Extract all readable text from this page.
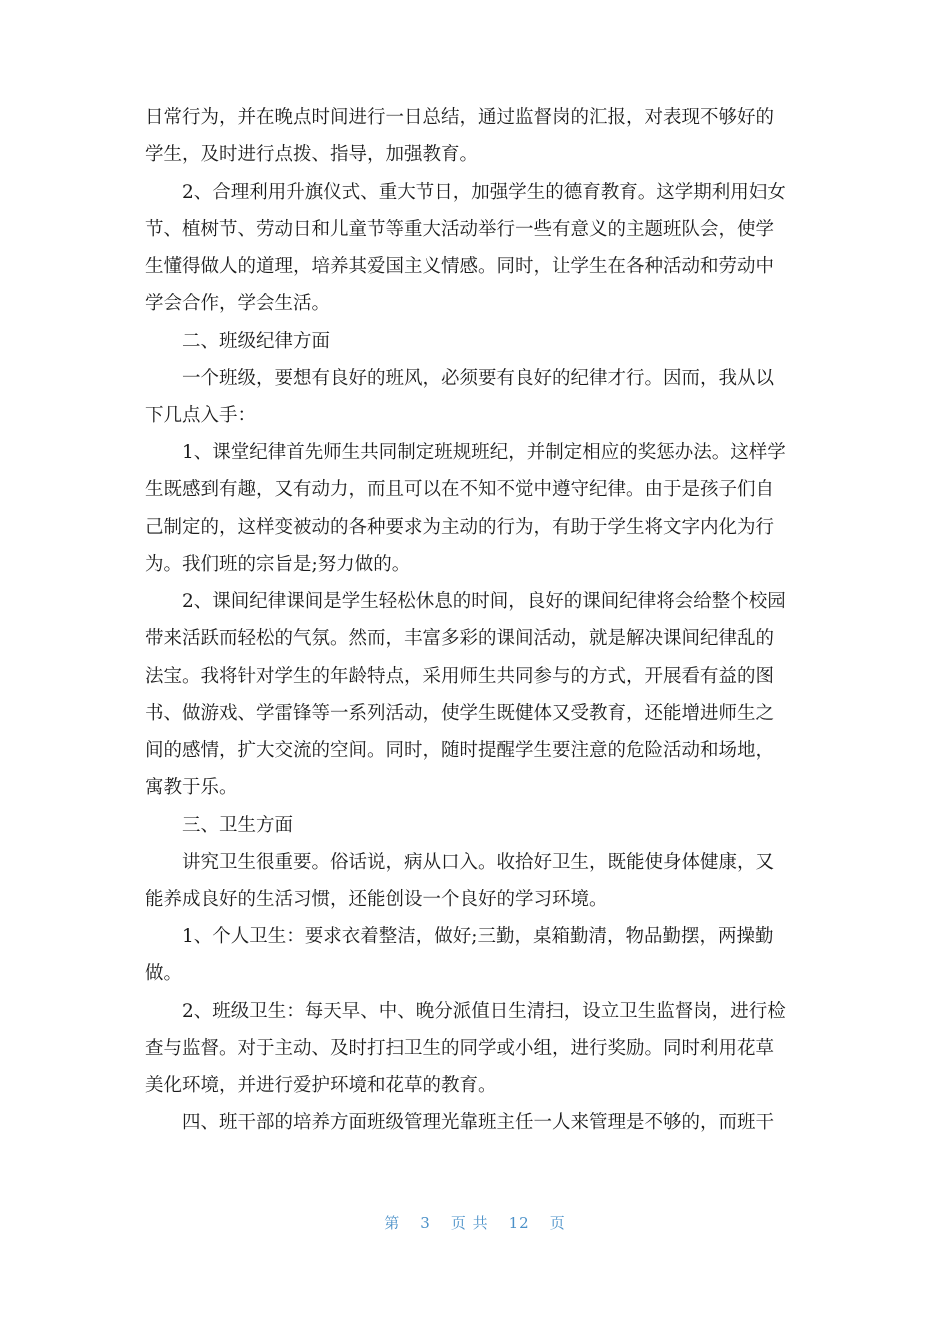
日常行为，并在晚点时间进行一日总结，通过监督岗的汇报，对表现不够好的
学生，及时进行点拨、指导，加强教育。
　　2、合理利用升旗仪式、重大节日，加强学生的德育教育。这学期利用妇女
节、植树节、劳动日和儿童节等重大活动举行一些有意义的主题班队会，使学
生懂得做人的道理，培养其爱国主义情感。同时，让学生在各种活动和劳动中
学会合作，学会生活。
　　二、班级纪律方面
　　一个班级，要想有良好的班风，必须要有良好的纪律才行。因而，我从以
下几点入手：
　　1、课堂纪律首先师生共同制定班规班纪，并制定相应的奖惩办法。这样学
生既感到有趣，又有动力，而且可以在不知不觉中遵守纪律。由于是孩子们自
己制定的，这样变被动的各种要求为主动的行为，有助于学生将文字内化为行
为。我们班的宗旨是;努力做的。
　　2、课间纪律课间是学生轻松休息的时间，良好的课间纪律将会给整个校园
带来活跃而轻松的气氛。然而，丰富多彩的课间活动，就是解决课间纪律乱的
法宝。我将针对学生的年龄特点，采用师生共同参与的方式，开展看有益的图
书、做游戏、学雷锋等一系列活动，使学生既健体又受教育，还能增进师生之
间的感情，扩大交流的空间。同时，随时提醒学生要注意的危险活动和场地，
寓教于乐。
　　三、卫生方面
　　讲究卫生很重要。俗话说，病从口入。收拾好卫生，既能使身体健康，又
能养成良好的生活习惯，还能创设一个良好的学习环境。
　　1、个人卫生：要求衣着整洁，做好;三勤，桌箱勤清，物品勤摆，两操勤
做。
　　2、班级卫生：每天早、中、晚分派值日生清扫，设立卫生监督岗，进行检
查与监督。对于主动、及时打扫卫生的同学或小组，进行奖励。同时利用花草
美化环境，并进行爱护环境和花草的教育。
　　四、班干部的培养方面班级管理光靠班主任一人来管理是不够的，而班干
第 3 页 共 12 页
